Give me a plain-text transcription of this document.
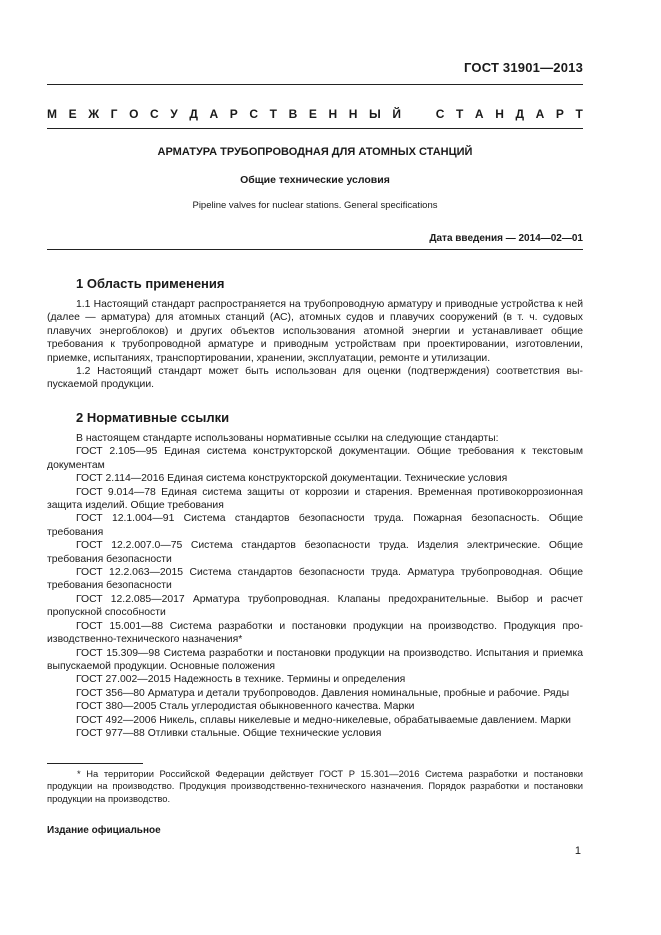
ГОСТ 31901—2013
М Е Ж Г О С У Д А Р С Т В Е Н Н Ы Й	С Т А Н Д А Р Т
АРМАТУРА ТРУБОПРОВОДНАЯ ДЛЯ АТОМНЫХ СТАНЦИЙ
Общие технические условия
Pipeline valves for nuclear stations. General specifications
Дата введения — 2014—02—01
1 Область применения

1.1 Настоящий стандарт распространяется на трубопроводную арматуру и приводные устройства к ней (далее — арматура) для атомных станций (АС), атомных судов и плавучих сооружений (в т. ч. судовых плавучих энергоблоков) и других объектов использования атомной энергии и устанавливает общие требования к трубопроводной арматуре и приводным устройствам при проектировании, изготовлении, приемке, испытаниях, транспортировании, хранении, эксплуатации, ремонте и утилизации.

1.2 Настоящий стандарт может быть использован для оценки (подтверждения) соответствия выпускаемой продукции.

2 Нормативные ссылки

В настоящем стандарте использованы нормативные ссылки на следующие стандарты:

ГОСТ 2.105—95 Единая система конструкторской документации. Общие требования к текстовым документам

ГОСТ 2.114—2016 Единая система конструкторской документации. Технические условия

ГОСТ 9.014—78 Единая система защиты от коррозии и старения. Временная противокоррозионная защита изделий. Общие требования

ГОСТ 12.1.004—91 Система стандартов безопасности труда. Пожарная безопасность. Общие требования

ГОСТ 12.2.007.0—75 Система стандартов безопасности труда. Изделия электрические. Общие требования безопасности

ГОСТ 12.2.063—2015 Система стандартов безопасности труда. Арматура трубопроводная. Общие требования безопасности

ГОСТ 12.2.085—2017 Арматура трубопроводная. Клапаны предохранительные. Выбор и расчет пропускной способности

ГОСТ 15.001—88 Система разработки и постановки продукции на производство. Продукция производственно-технического назначения*

ГОСТ 15.309—98 Система разработки и постановки продукции на производство. Испытания и приемка выпускаемой продукции. Основные положения

ГОСТ 27.002—2015 Надежность в технике. Термины и определения

ГОСТ 356—80 Арматура и детали трубопроводов. Давления номинальные, пробные и рабочие. Ряды

ГОСТ 380—2005 Сталь углеродистая обыкновенного качества. Марки

ГОСТ 492—2006 Никель, сплавы никелевые и медно-никелевые, обрабатываемые давлением. Марки

ГОСТ 977—88 Отливки стальные. Общие технические условия

* На территории Российской Федерации действует ГОСТ Р 15.301—2016 Система разработки и постановки продукции на производство. Продукция производственно-технического назначения. Порядок разработки и постановки продукции на производство.

Издание официальное
1
